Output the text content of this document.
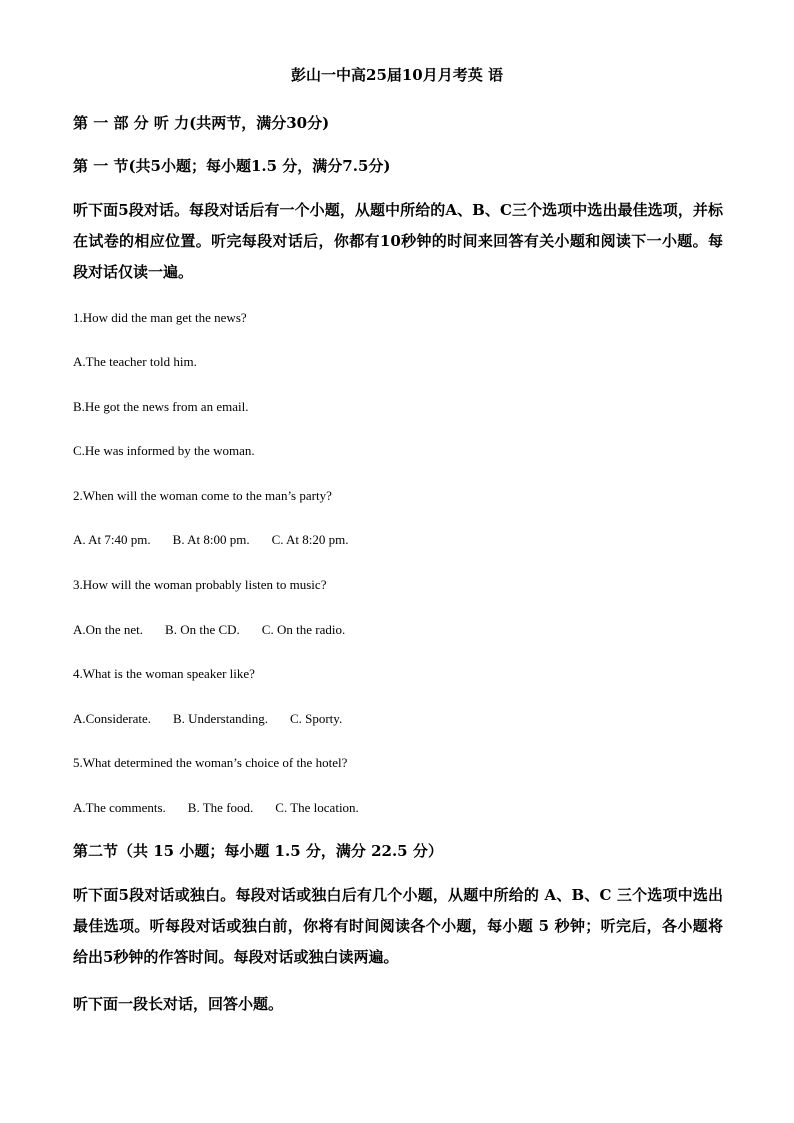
彭山一中高25届10月月考英 语
第 一 部 分 听 力(共两节，满分30分)
第 一 节(共5小题；每小题1.5 分，满分7.5分)
听下面5段对话。每段对话后有一个小题，从题中所给的A、B、C三个选项中选出最佳选项，并标在试卷的相应位置。听完每段对话后，你都有10秒钟的时间来回答有关小题和阅读下一小题。每段对话仅读一遍。
1.How did the man get the news?
A.The teacher told him.
B.He got the news from an email.
C.He was informed by the woman.
2.When will the woman come to the man’s party?
A. At 7:40 pm. B. At 8:00 pm. C. At 8:20 pm.
3.How will the woman probably listen to music?
A.On the net. B. On the CD. C. On the radio.
4.What is the woman speaker like?
A.Considerate. B. Understanding. C. Sporty.
5.What determined the woman’s choice of the hotel?
A.The comments. B. The food. C. The location.
第二节（共 15 小题；每小题 1.5 分，满分 22.5 分）
听下面5段对话或独白。每段对话或独白后有几个小题，从题中所给的 A、B、C 三个选项中选出最佳选项。听每段对话或独白前，你将有时间阅读各个小题，每小题 5 秒钟；听完后，各小题将给出5秒钟的作答时间。每段对话或独白读两遍。
听下面一段长对话，回答小题。
